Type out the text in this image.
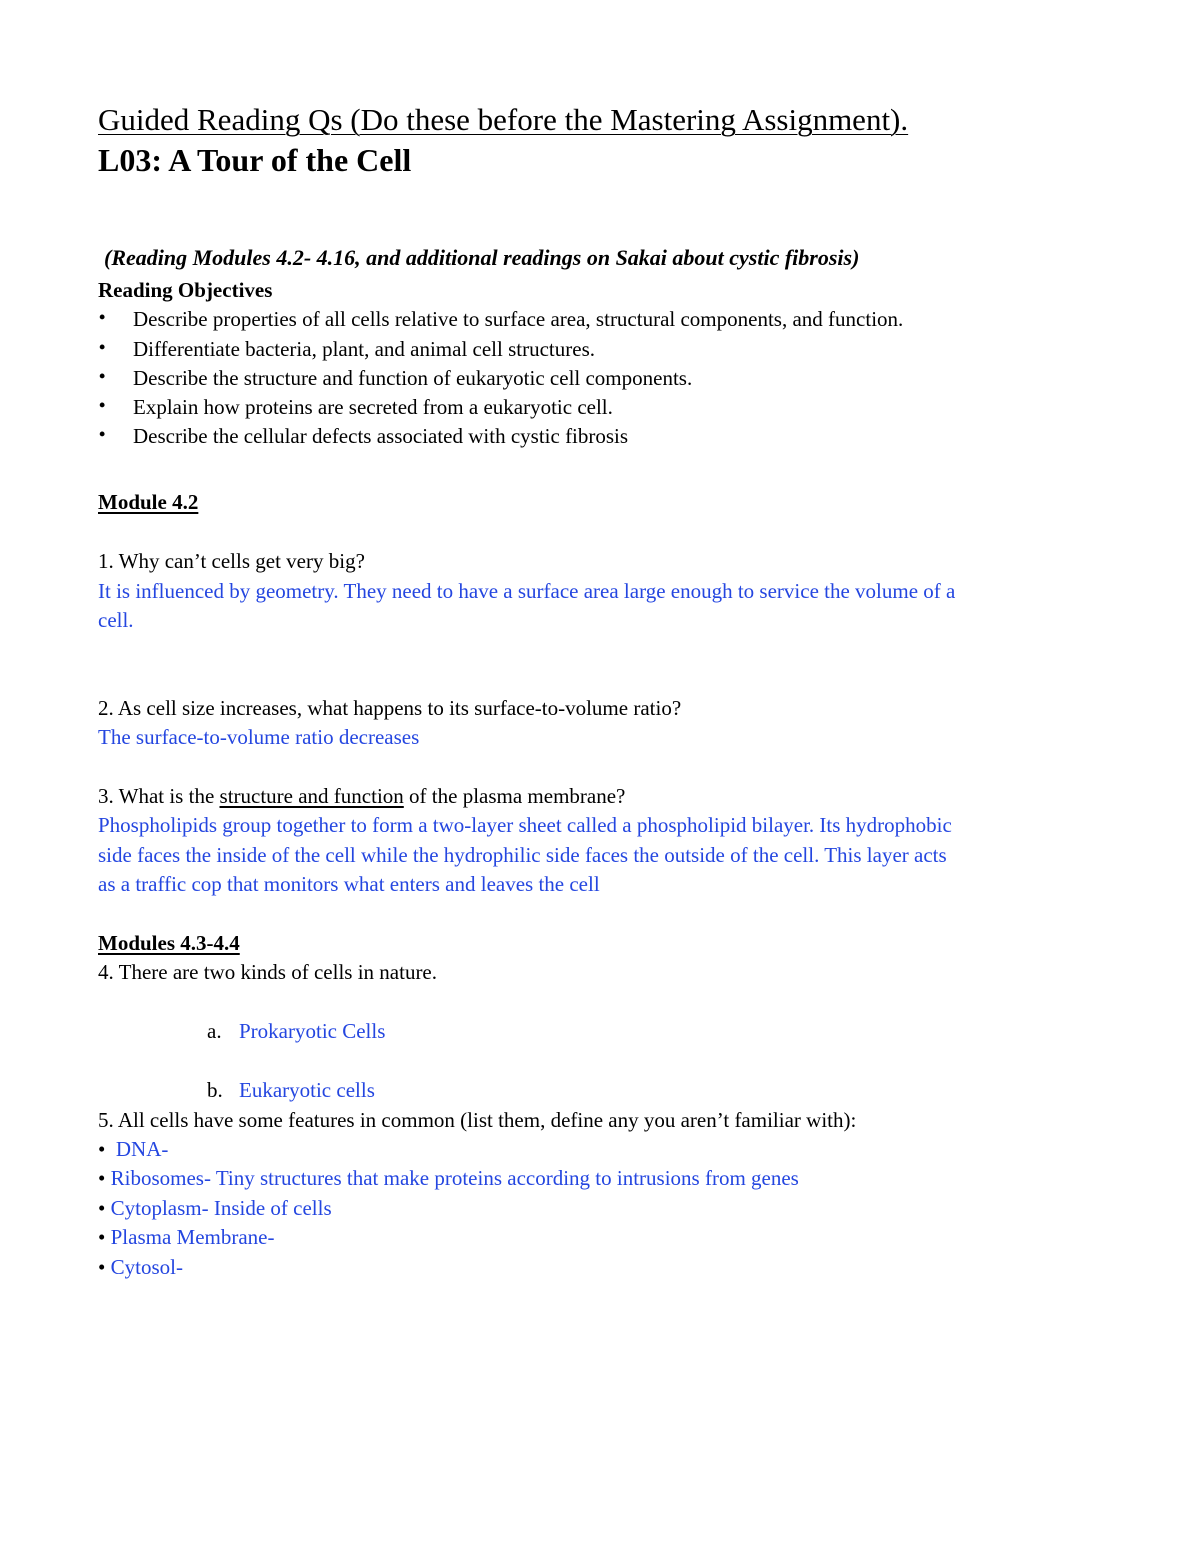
Guided Reading Qs (Do these before the Mastering Assignment).
L03: A Tour of the Cell
(Reading Modules 4.2- 4.16, and additional readings on Sakai about cystic fibrosis)
Reading Objectives
• Describe properties of all cells relative to surface area, structural components, and function.
• Differentiate bacteria, plant, and animal cell structures.
• Describe the structure and function of eukaryotic cell components.
• Explain how proteins are secreted from a eukaryotic cell.
• Describe the cellular defects associated with cystic fibrosis
Module 4.2
1. Why can’t cells get very big?
It is influenced by geometry. They need to have a surface area large enough to service the volume of a
cell.
2. As cell size increases, what happens to its surface-to-volume ratio?
The surface-to-volume ratio decreases
3. What is the structure and function of the plasma membrane?
Phospholipids group together to form a two-layer sheet called a phospholipid bilayer. Its hydrophobic
side faces the inside of the cell while the hydrophilic side faces the outside of the cell. This layer acts
as a traffic cop that monitors what enters and leaves the cell
Modules 4.3-4.4
4. There are two kinds of cells in nature.
a. Prokaryotic Cells
b. Eukaryotic cells
5. All cells have some features in common (list them, define any you aren’t familiar with):
• DNA-
• Ribosomes- Tiny structures that make proteins according to intrusions from genes
• Cytoplasm- Inside of cells
• Plasma Membrane-
• Cytosol-
